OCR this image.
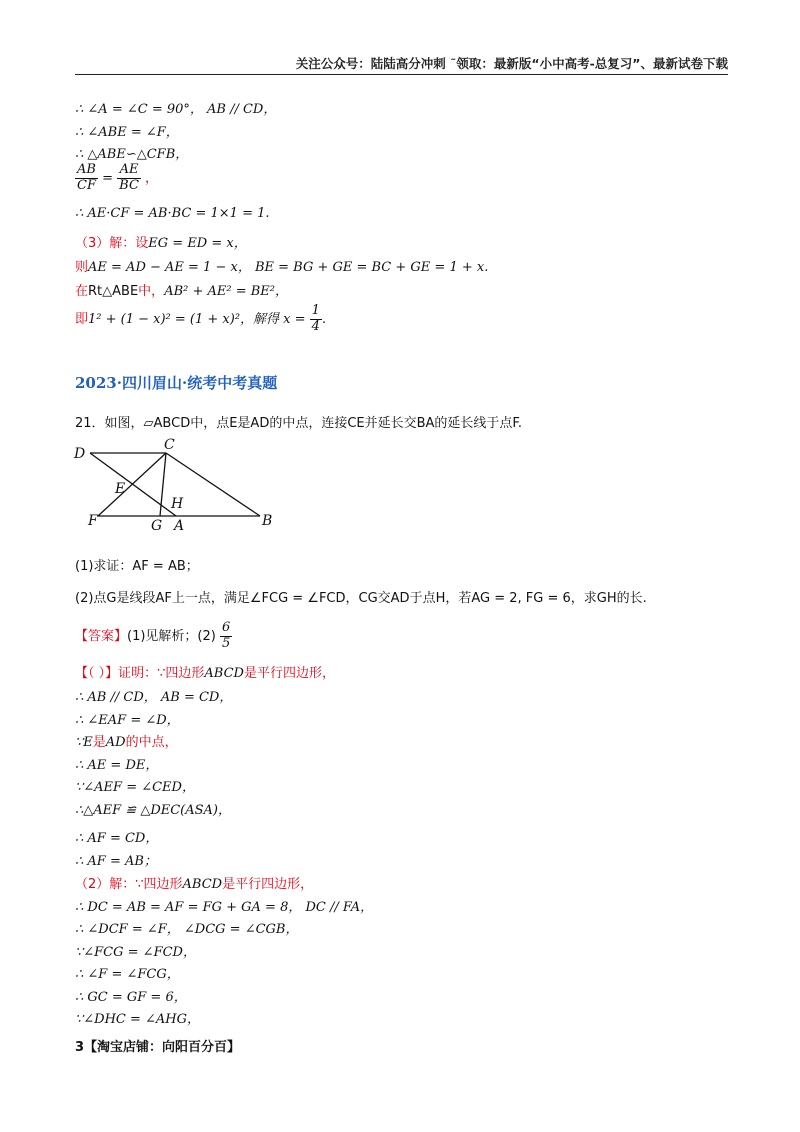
关注公众号：陆陆高分冲刺 ˜领取：最新版“小中高考-总复习”、最新试卷下载
∴ ∠A = ∠C = 90°， AB // CD，
∴ ∠ABE = ∠F，
∴ △ABE∽△CFB，
$\frac{AB}{CF} = \frac{AE}{BC}$ ，
∴ AE·CF = AB·BC = 1×1 = 1.
（3）解：设EG = ED = x，
则AE = AD − AE = 1 − x， BE = BG + GE = BC + GE = 1 + x.
在Rt△ABE中，AB² + AE² = BE²，
即1² + (1 − x)² = (1 + x)²，解得 $x = \frac{1}{4}$ .
2023·四川眉山·统考中考真题
21．如图，▱ABCD中，点E是AD的中点，连接CE并延长交BA的延长线于点F.
D
C
E
H
F	G A	B
(1)求证：AF = AB；
(2)点G是线段AF上一点，满足∠FCG = ∠FCD，CG交AD于点H，若AG = 2, FG = 6，求GH的长.
【答案】(1)见解析；$(2) \frac{6}{5}$
【（ ）】证明：∵四边形ABCD是平行四边形，
∴ AB // CD， AB = CD，
∴ ∠EAF = ∠D，
∵E是AD的中点，
∴ AE = DE，
∵∠AEF = ∠CED，
∴△AEF ≌ △DEC(ASA)，
∴ AF = CD，
∴ AF = AB；
（2）解：∵四边形ABCD是平行四边形，
∴ DC = AB = AF = FG + GA = 8， DC // FA，
∴ ∠DCF = ∠F， ∠DCG = ∠CGB，
∵∠FCG = ∠FCD，
∴ ∠F = ∠FCG，
∴ GC = GF = 6，
∵∠DHC = ∠AHG，
3【淘宝店铺：向阳百分百】
